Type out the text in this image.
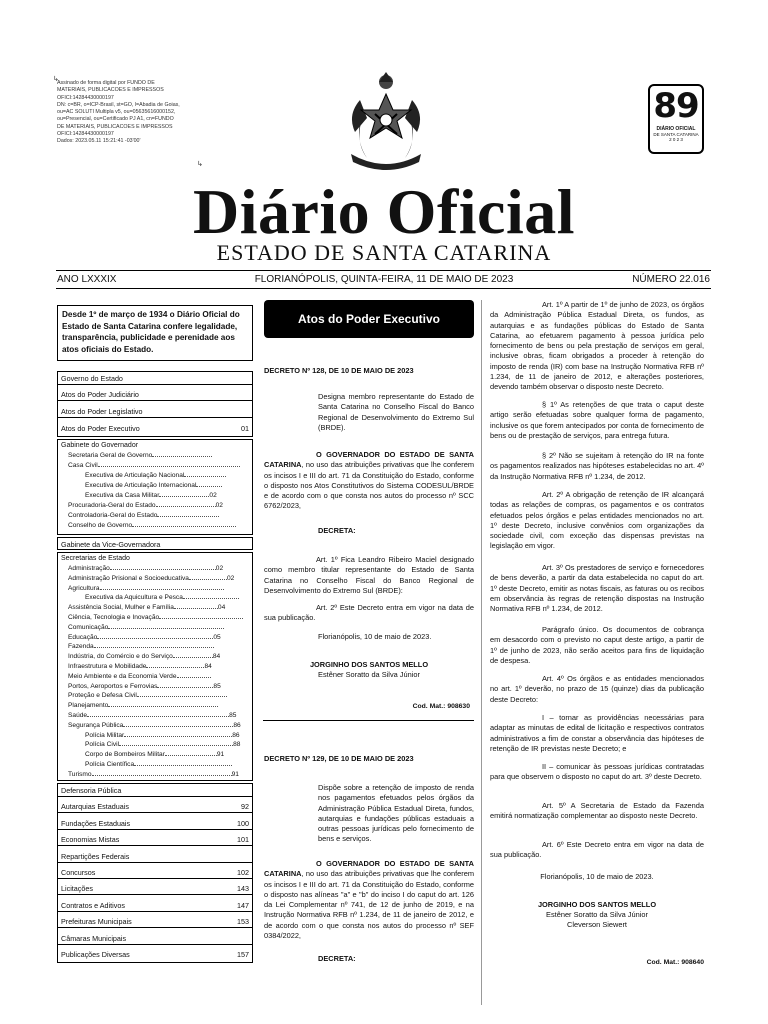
Assinado de forma digital por FUNDO DE
MATERIAIS, PUBLICACOES E IMPRESSOS
OFICI:14284430000197
DN: c=BR, o=ICP-Brasil, st=GO, l=Abadia de Goias,
ou=AC SOLUTI Multipla v5, ou=05635616000152,
ou=Presencial, ou=Certificado PJ A1, cn=FUNDO
DE MATERIAIS, PUBLICACOES E IMPRESSOS
OFICI:14284430000197
Dados: 2023.05.11 15:21:41 -03'00'
↳
↳
89
DIÁRIO OFICIAL
DE SANTA CATARINA
2 0 2 3
Diário Oficial
ESTADO DE SANTA CATARINA
ANO LXXXIX	FLORIANÓPOLIS, QUINTA-FEIRA, 11 DE MAIO DE 2023	NÚMERO 22.016
Desde 1º de março de 1934 o Diário Oficial do Estado de Santa Catarina confere legalidade, transparência, publicidade e perenidade aos atos oficiais do Estado.
Governo do Estado
Atos do Poder Judiciário
Atos do Poder Legislativo
Atos do Poder Executivo	01
Gabinete do Governador
Secretaria Geral de Governo
Casa Civil
Executiva de Articulação Nacional
Executiva de Articulação Internacional
Executiva da Casa Militar	02
Procuradoria-Geral do Estado	02
Controladoria-Geral do Estado
Conselho de Governo
Gabinete da Vice-Governadora
Secretarias de Estado
Administração	02
Administração Prisional e Socioeducativa	02
Agricultura
Executiva da Aquicultura e Pesca
Assistência Social, Mulher e Família	04
Ciência, Tecnologia e Inovação
Comunicação
Educação	05
Fazenda
Indústria, do Comércio e do Serviço	84
Infraestrutura e Mobilidade	84
Meio Ambiente e da Economia Verde
Portos, Aeroportos e Ferrovias	85
Proteção e Defesa Civil
Planejamento
Saúde	85
Segurança Pública	86
Polícia Militar	86
Polícia Civil	88
Corpo de Bombeiros Militar	91
Polícia Científica
Turismo	91
Defensoria Pública
Autarquias Estaduais	92
Fundações Estaduais	100
Economias Mistas	101
Repartições Federais
Concursos	102
Licitações	143
Contratos e Aditivos	147
Prefeituras Municipais	153
Câmaras Municipais
Publicações Diversas	157
Atos do Poder Executivo
DECRETO Nº 128, DE 10 DE MAIO DE 2023
Designa membro representante do Estado de Santa Catarina no Conselho Fiscal do Banco Regional de Desenvolvimento do Extremo Sul (BRDE).
O GOVERNADOR DO ESTADO DE SANTA CATARINA, no uso das atribuições privativas que lhe conferem os incisos I e III do art. 71 da Constituição do Estado, conforme o disposto nos Atos Constitutivos do Sistema CODESUL/BRDE e de acordo com o que consta nos autos do processo nº SCC 6762/2023,
DECRETA:
Art. 1º Fica Leandro Ribeiro Maciel designado como membro titular representante do Estado de Santa Catarina no Conselho Fiscal do Banco Regional de Desenvolvimento do Extremo Sul (BRDE):
Art. 2º Este Decreto entra em vigor na data de sua publicação.
Florianópolis, 10 de maio de 2023.
JORGINHO DOS SANTOS MELLO
Estêner Soratto da Silva Júnior
Cod. Mat.: 908630
DECRETO Nº 129, DE 10 DE MAIO DE 2023
Dispõe sobre a retenção de imposto de renda nos pagamentos efetuados pelos órgãos da Administração Pública Estadual Direta, fundos, autarquias e fundações públicas estaduais a outras pessoas jurídicas pelo fornecimento de bens e serviços.
O GOVERNADOR DO ESTADO DE SANTA CATARINA, no uso das atribuições privativas que lhe conferem os incisos I e III do art. 71 da Constituição do Estado, conforme o disposto nas alíneas "a" e "b" do inciso I do caput do art. 126 da Lei Complementar nº 741, de 12 de junho de 2019, e na Instrução Normativa RFB nº 1.234, de 11 de janeiro de 2012, e de acordo com o que consta nos autos do processo nº SEF 0384/2022,
DECRETA:
Art. 1º A partir de 1º de junho de 2023, os órgãos da Administração Pública Estadual Direta, os fundos, as autarquias e as fundações públicas do Estado de Santa Catarina, ao efetuarem pagamento à pessoa jurídica pelo fornecimento de bens ou pela prestação de serviços em geral, inclusive obras, ficam obrigados a proceder à retenção do imposto de renda (IR) com base na Instrução Normativa RFB nº 1.234, de 11 de janeiro de 2012, e alterações posteriores, devendo também observar o disposto neste Decreto.
§ 1º As retenções de que trata o caput deste artigo serão efetuadas sobre qualquer forma de pagamento, inclusive os que forem antecipados por conta de fornecimento de bens ou de prestação de serviços, para entrega futura.
§ 2º Não se sujeitam à retenção do IR na fonte os pagamentos realizados nas hipóteses estabelecidas no art. 4º da Instrução Normativa RFB nº 1.234, de 2012.
Art. 2º A obrigação de retenção de IR alcançará todas as relações de compras, os pagamentos e os contratos efetuados pelos órgãos e pelas entidades mencionados no art. 1º deste Decreto, inclusive convênios com organizações da sociedade civil, com exceção das dispensas previstas na legislação em vigor.
Art. 3º Os prestadores de serviço e fornecedores de bens deverão, a partir da data estabelecida no caput do art. 1º deste Decreto, emitir as notas fiscais, as faturas ou os recibos em observância às regras de retenção dispostas na Instrução Normativa RFB nº 1.234, de 2012.
Parágrafo único. Os documentos de cobrança em desacordo com o previsto no caput deste artigo, a partir de 1º de junho de 2023, não serão aceitos para fins de liquidação de despesa.
Art. 4º Os órgãos e as entidades mencionados no art. 1º deverão, no prazo de 15 (quinze) dias da publicação deste Decreto:
I – tornar as providências necessárias para adaptar as minutas de edital de licitação e respectivos contratos administrativos a fim de constar a observância das hipóteses de retenção de IR previstas neste Decreto; e
II – comunicar às pessoas jurídicas contratadas para que observem o disposto no caput do art. 3º deste Decreto.
Art. 5º A Secretaria de Estado da Fazenda emitirá normatização complementar ao disposto neste Decreto.
Art. 6º Este Decreto entra em vigor na data de sua publicação.
Florianópolis, 10 de maio de 2023.
JORGINHO DOS SANTOS MELLO
Estêner Soratto da Silva Júnior
Cleverson Siewert
Cod. Mat.: 908640
